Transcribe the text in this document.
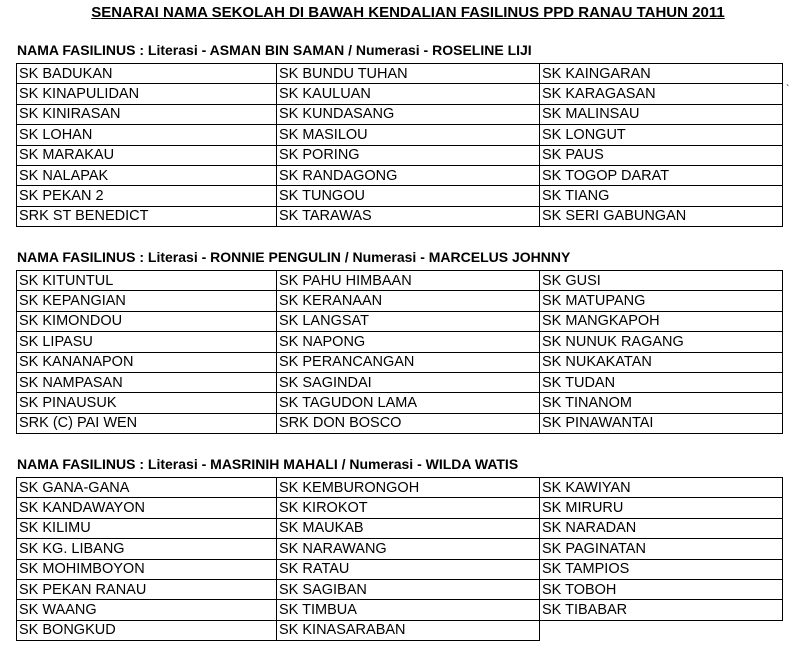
SENARAI NAMA SEKOLAH DI BAWAH KENDALIAN FASILINUS PPD RANAU TAHUN 2011
NAMA FASILINUS : Literasi - ASMAN BIN SAMAN / Numerasi - ROSELINE LIJI
SK BADUKAN	SK BUNDU TUHAN	SK KAINGARAN
SK KINAPULIDAN	SK KAULUAN	SK KARAGASAN
SK KINIRASAN	SK KUNDASANG	SK MALINSAU
SK LOHAN	SK MASILOU	SK LONGUT
SK MARAKAU	SK PORING	SK PAUS
SK NALAPAK	SK RANDAGONG	SK TOGOP DARAT
SK PEKAN 2	SK TUNGOU	SK TIANG
SRK ST BENEDICT	SK TARAWAS	SK SERI GABUNGAN
NAMA FASILINUS : Literasi - RONNIE PENGULIN / Numerasi - MARCELUS JOHNNY
SK KITUNTUL	SK PAHU HIMBAAN	SK GUSI
SK KEPANGIAN	SK KERANAAN	SK MATUPANG
SK KIMONDOU	SK LANGSAT	SK MANGKAPOH
SK LIPASU	SK NAPONG	SK NUNUK RAGANG
SK KANANAPON	SK PERANCANGAN	SK NUKAKATAN
SK NAMPASAN	SK SAGINDAI	SK TUDAN
SK PINAUSUK	SK TAGUDON LAMA	SK TINANOM
SRK (C) PAI WEN	SRK DON BOSCO	SK PINAWANTAI
NAMA FASILINUS : Literasi - MASRINIH MAHALI / Numerasi - WILDA WATIS
SK GANA-GANA	SK KEMBURONGOH	SK KAWIYAN
SK KANDAWAYON	SK KIROKOT	SK MIRURU
SK KILIMU	SK MAUKAB	SK NARADAN
SK KG. LIBANG	SK NARAWANG	SK PAGINATAN
SK MOHIMBOYON	SK RATAU	SK TAMPIOS
SK PEKAN RANAU	SK SAGIBAN	SK TOBOH
SK WAANG	SK TIMBUA	SK TIBABAR
SK BONGKUD	SK KINASARABAN	
`
